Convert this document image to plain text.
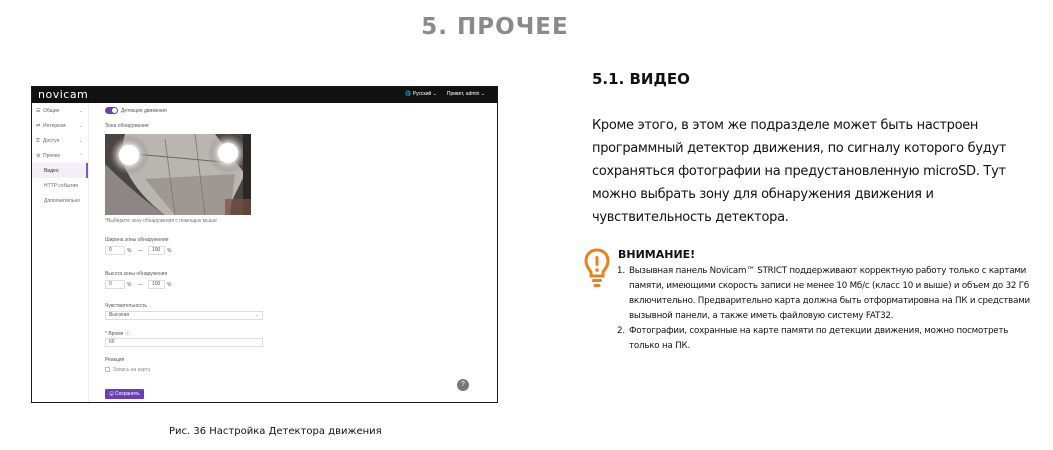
5. ПРОЧЕЕ
novicam	🌐 Русский ⌄ Привет, admin ⌄
☰ Общие	⌄
⇄ Интерком	⌄
⚿ Доступ	⌄
⚙ Прочее	⌃
Видео
HTTP события
Дополнительно
Детекция движения
Зона обнаружения
*Выберите зону обнаружения с помощью мыши
Ширина зоны обнаружения
0	% —	100	%
Высота зоны обнаружения
0	% —	100	%
Чувствительность
Высокая	⌄
* Время ⓘ
60
Реакция
Запись на карту
🖫 Сохранить
?
Рис. 36 Настройка Детектора движения
5.1. ВИДЕО
Кроме этого, в этом же подразделе может быть настроен программный детектор движения, по сигналу которого будут сохраняться фотографии на предустановленную microSD. Тут можно выбрать зону для обнаружения движения и чувствительность детектора.
ВНИМАНИЕ!
1. Вызывная панель Novicam™ STRICT поддерживают корректную работу только с картами памяти, имеющими скорость записи не менее 10 Мб/с (класс 10 и выше) и объем до 32 Гб включительно. Предварительно карта должна быть отформатировна на ПК и средствами вызывной панели, а также иметь файловую систему FAT32.
2. Фотографии, сохранные на карте памяти по детекции движения, можно посмотреть только на ПК.
